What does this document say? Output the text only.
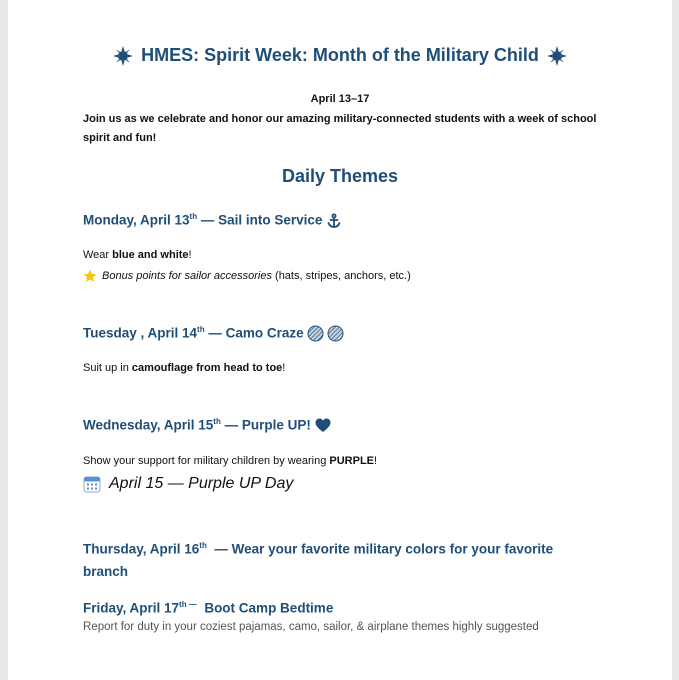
HMES: Spirit Week: Month of the Military Child
April 13–17
Join us as we celebrate and honor our amazing military-connected students with a week of school spirit and fun!
Daily Themes
Monday, April 13th — Sail into Service
Wear blue and white!
Bonus points for sailor accessories (hats, stripes, anchors, etc.)
Tuesday , April 14th — Camo Craze
Suit up in camouflage from head to toe!
Wednesday, April 15th — Purple UP!
Show your support for military children by wearing PURPLE!
April 15 — Purple UP Day
Thursday, April 16th  — Wear your favorite military colors for your favorite
branch
Friday, April $17^{th —}$  Boot Camp Bedtime
Report for duty in your coziest pajamas, camo, sailor, & airplane themes highly suggested
